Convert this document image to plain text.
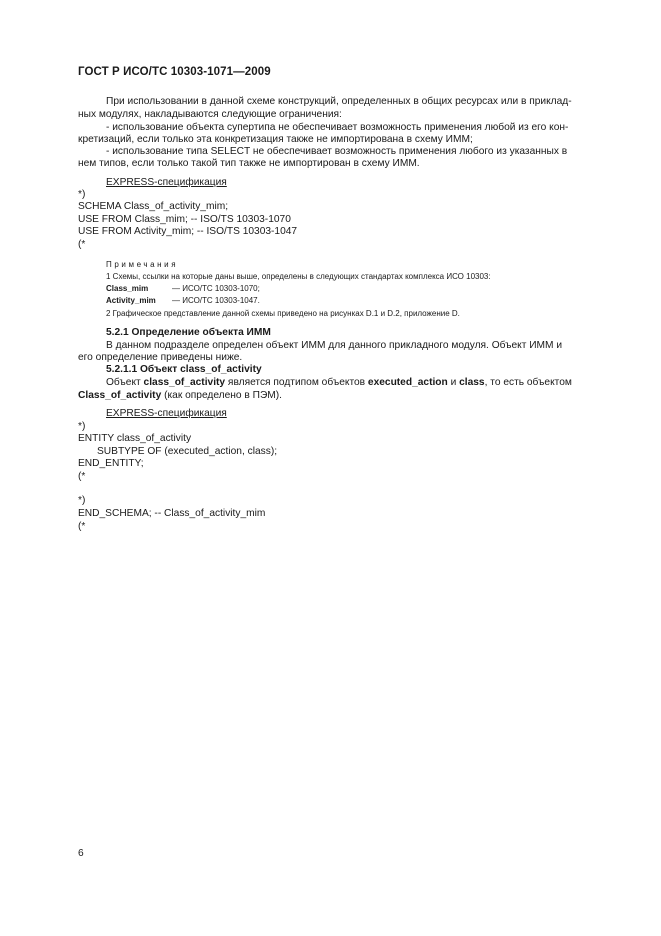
ГОСТ Р ИСО/ТС 10303-1071—2009
При использовании в данной схеме конструкций, определенных в общих ресурсах или в приклад-
ных модулях, накладываются следующие ограничения:
- использование объекта супертипа не обеспечивает возможность применения любой из его кон-
кретизаций, если только эта конкретизация также не импортирована в схему ИММ;
- использование типа SELECT не обеспечивает возможность применения любого из указанных в
нем типов, если только такой тип также не импортирован в схему ИММ.
EXPRESS-спецификация
*)
SCHEMA Class_of_activity_mim;
USE FROM Class_mim; -- ISO/TS 10303-1070
USE FROM Activity_mim; -- ISO/TS 10303-1047
(*
Примечания
1 Схемы, ссылки на которые даны выше, определены в следующих стандартах комплекса ИСО 10303:
Class_mim	— ИСО/ТС 10303-1070;
Activity_mim — ИСО/ТС 10303-1047.
2 Графическое представление данной схемы приведено на рисунках D.1 и D.2, приложение D.
5.2.1 Определение объекта ИММ
В данном подразделе определен объект ИММ для данного прикладного модуля. Объект ИММ и
его определение приведены ниже.
5.2.1.1 Объект class_of_activity
Объект class_of_activity является подтипом объектов executed_action и class, то есть объектом
Class_of_activity (как определено в ПЭМ).
EXPRESS-спецификация
*)
ENTITY class_of_activity
SUBTYPE OF (executed_action, class);
END_ENTITY;
(*
*)
END_SCHEMA; -- Class_of_activity_mim
(*
6
